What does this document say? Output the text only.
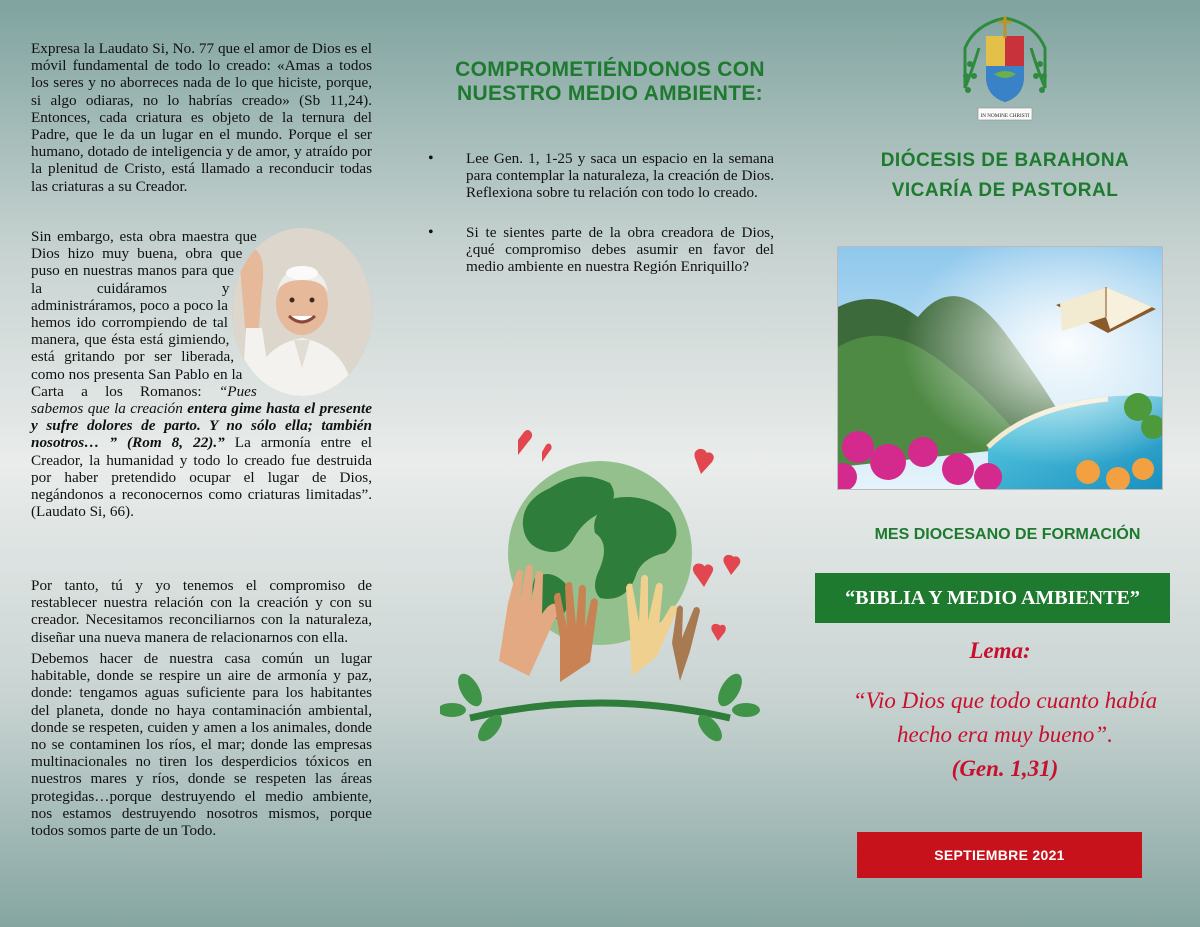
Expresa la Laudato Si, No. 77 que el amor de Dios es el móvil fundamental de todo lo creado: «Amas a todos los seres y no aborreces nada de lo que hiciste, porque, si algo odiaras, no lo habrías creado» (Sb 11,24). Entonces, cada criatura es objeto de la ternura del Padre, que le da un lugar en el mundo. Porque el ser humano, dotado de inteligencia y de amor, y atraído por la plenitud de Cristo, está llamado a reconducir todas las criaturas a su Creador.

Sin embargo, esta obra maestra que Dios hizo muy buena, obra que puso en nuestras manos para que la cuidáramos y administráramos, poco a poco la hemos ido corrompiendo de tal manera, que ésta está gimiendo, está gritando por ser liberada, como nos presenta San Pablo en la Carta a los Romanos: “Pues sabemos que la creación entera gime hasta el presente y sufre dolores de parto. Y no sólo ella; también nosotros… ” (Rom 8, 22).” La armonía entre el Creador, la humanidad y todo lo creado fue destruida por haber pretendido ocupar el lugar de Dios, negándonos a reconocernos como criaturas limitadas”. (Laudato Si, 66).

Por tanto, tú y yo tenemos el compromiso de restablecer nuestra relación con la creación y con su creador. Necesitamos reconciliarnos con la naturaleza, diseñar una nueva manera de relacionarnos con ella.

Debemos hacer de nuestra casa común un lugar habitable, donde se respire un aire de armonía y paz, donde: tengamos aguas suficiente para los habitantes del planeta, donde no haya contaminación ambiental, donde se respeten, cuiden y amen a los animales, donde no se contaminen los ríos, el mar; donde las empresas multinacionales no tiren los desperdicios tóxicos en nuestros mares y ríos, donde se respeten las áreas protegidas…porque destruyendo el medio ambiente, nos estamos destruyendo nosotros mismos, porque todos somos parte de un Todo.

COMPROMETIÉNDONOS CON
NUESTRO MEDIO AMBIENTE:
• Lee Gen. 1, 1-25 y saca un espacio en la semana para contemplar la naturaleza, la creación de Dios. Reflexiona sobre tu relación con todo lo creado.
• Si te sientes parte de la obra creadora de Dios, ¿qué compromiso debes asumir en favor del medio ambiente en nuestra Región Enriquillo?
IN NOMINE CHRISTI
DIÓCESIS DE BARAHONA
VICARÍA DE PASTORAL
MES DIOCESANO DE FORMACIÓN
“BIBLIA Y MEDIO AMBIENTE”
Lema:
“Vio Dios que todo cuanto había
hecho era muy bueno”.
(Gen. 1,31)
SEPTIEMBRE 2021
